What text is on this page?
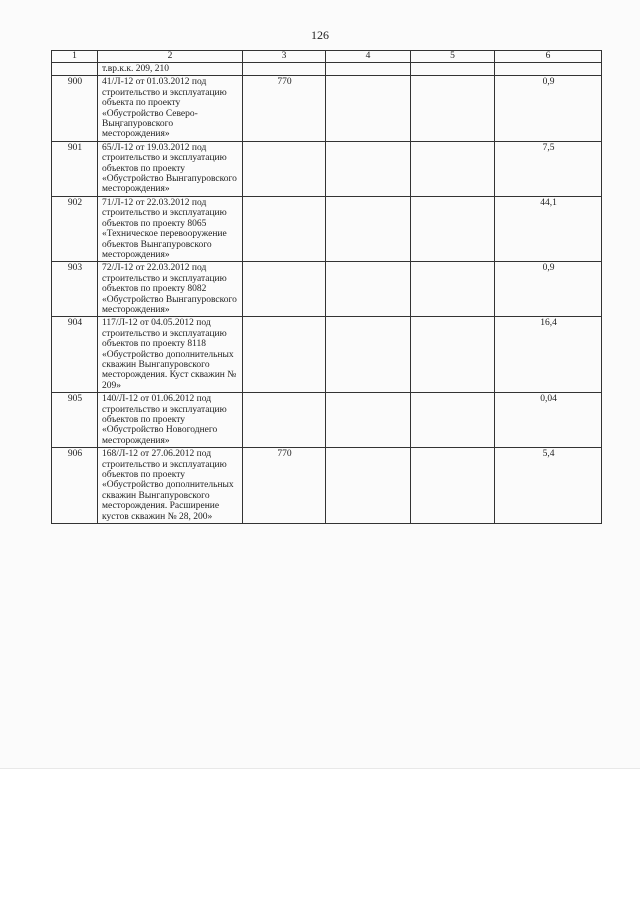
126
1	2	3	4	5	6
	т.вр.к.к. 209, 210				
900	41/Л-12 от 01.03.2012 под строительство и эксплуатацию объекта по проекту «Обустройство Северо-Выңгапуровского месторождения»	770			0,9
901	65/Л-12 от 19.03.2012 под строительство и эксплуатацию объектов по проекту «Обустройство Вынгапуровского месторождения»				7,5
902	71/Л-12 от 22.03.2012 под строительство и эксплуатацию объектов по проекту 8065 «Техническое перевооружение объектов Вынгапуровского месторождения»				44,1
903	72/Л-12 от 22.03.2012 под строительство и эксплуатацию объектов по проекту 8082 «Обустройство Вынгапуровского месторождения»				0,9
904	117/Л-12 от 04.05.2012 под строительство и эксплуатацию объектов по проекту 8118 «Обустройство дополнительных скважин Вынгапуровского месторождения. Куст скважин № 209»				16,4
905	140/Л-12 от 01.06.2012 под строительство и эксплуатацию объектов по проекту «Обустройство Новогоднего месторождения»				0,04
906	168/Л-12 от 27.06.2012 под строительство и эксплуатацию объектов по проекту «Обустройство дополнительных скважин Вынгапуровского месторождения. Расширение кустов скважин № 28, 200»	770			5,4
